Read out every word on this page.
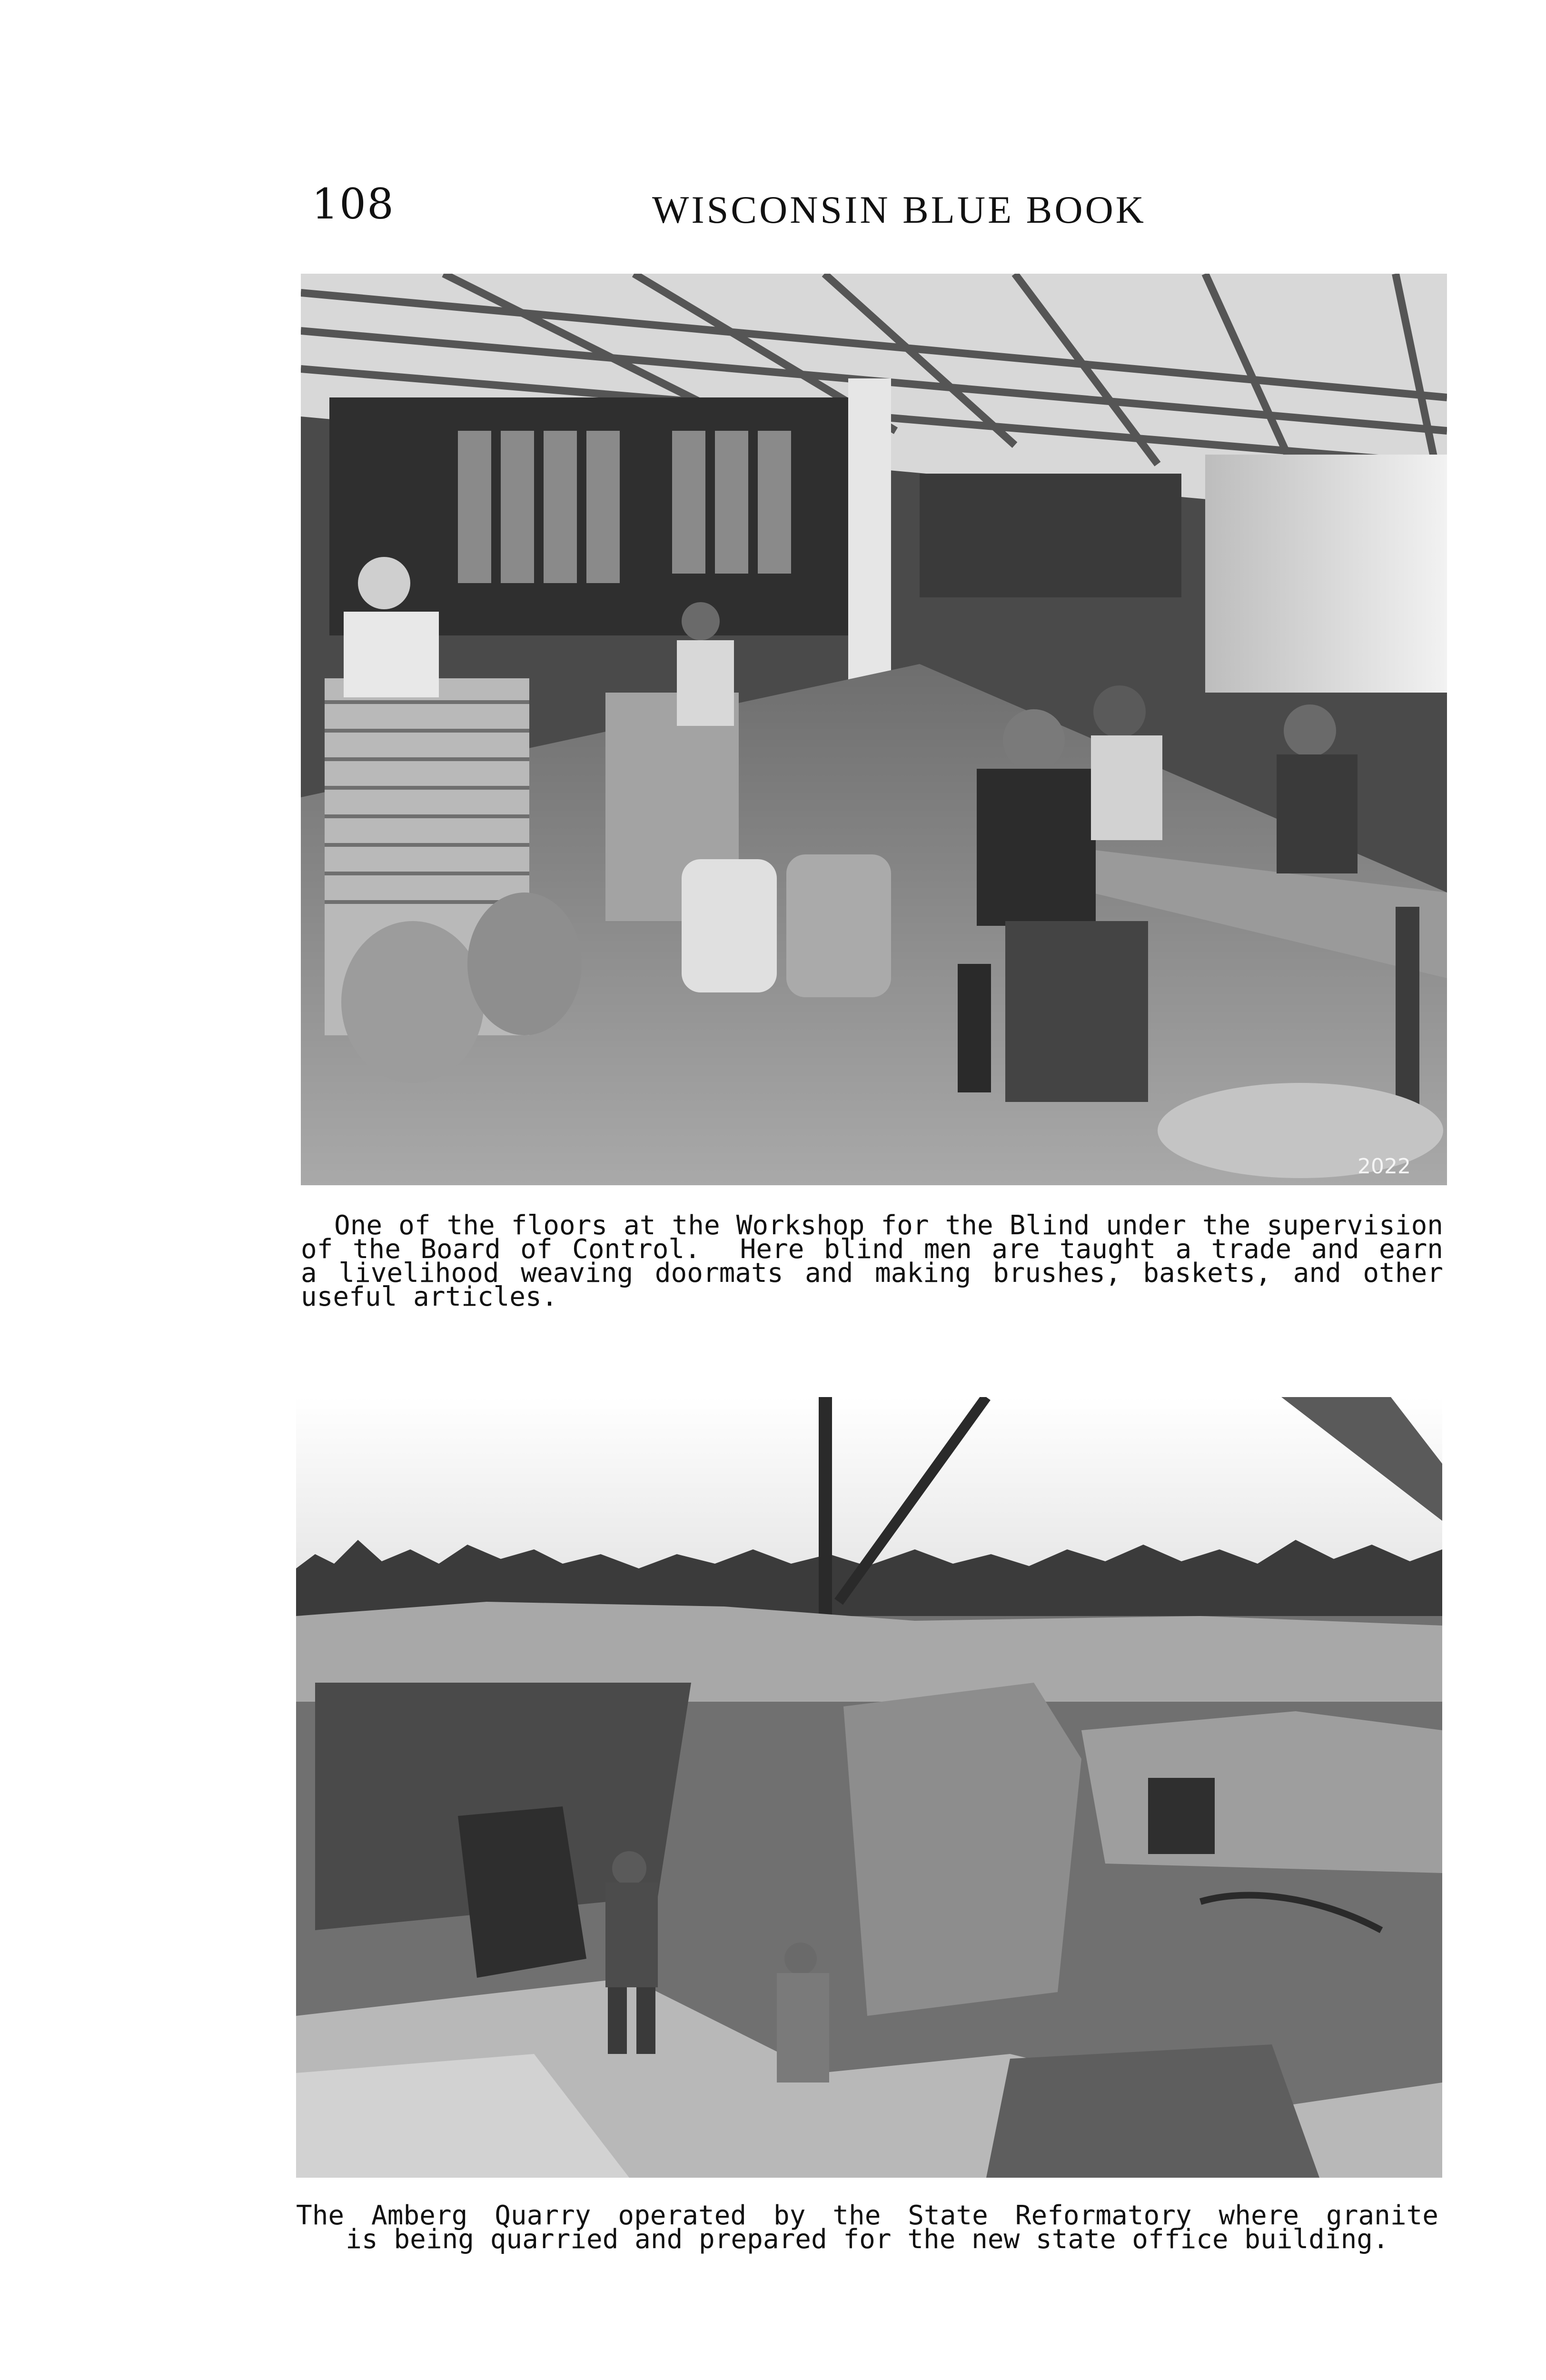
108	WISCONSIN BLUE BOOK
2022

One of the floors at the Workshop for the Blind under the supervision
of the Board of Control.  Here blind men are taught a trade and earn
a livelihood weaving doormats and making brushes, baskets, and other
useful articles.

The Amberg Quarry operated by the State Reformatory where granite
is being quarried and prepared for the new state office building.
